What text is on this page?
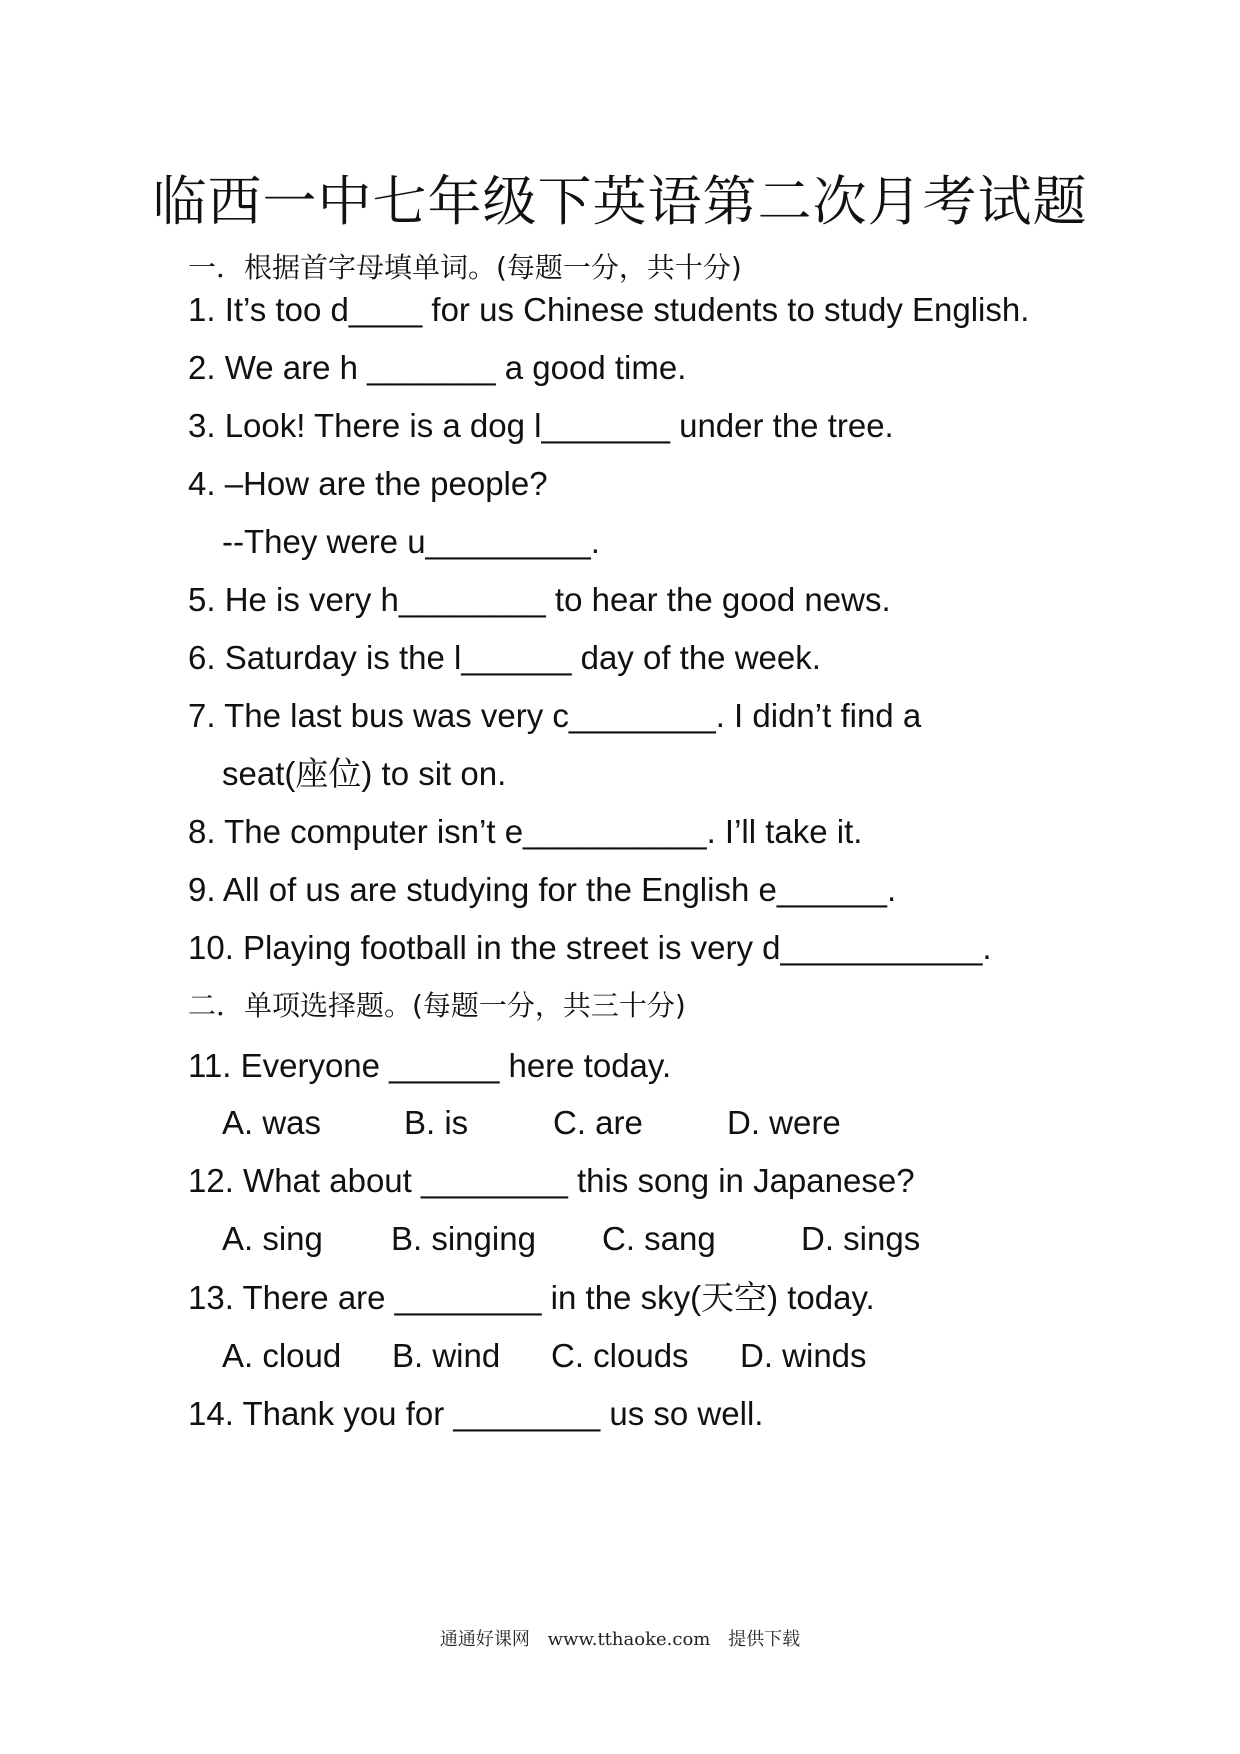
临西一中七年级下英语第二次月考试题
一．根据首字母填单词。(每题一分，共十分)
1. It’s too d____ for us Chinese students to study English.
2. We are h _______ a good time.
3. Look! There is a dog l_______ under the tree.
4. –How are the people?
--They were u_________.
5. He is very h________ to hear the good news.
6. Saturday is the l______ day of the week.
7. The last bus was very c________. I didn’t find a
seat(座位) to sit on.
8. The computer isn’t e__________. I’ll take it.
9. All of us are studying for the English e______.
10. Playing football in the street is very d___________.
二．单项选择题。(每题一分，共三十分)
11. Everyone ______ here today.
A. was	B. is	C. are	D. were
12. What about ________ this song in Japanese?
A. sing B. singing C. sang	D. sings
13. There are ________ in the sky(天空) today.
A. cloud B. wind C. clouds D. winds
14. Thank you for ________ us so well.
通通好课网 www.tthaoke.com 提供下载
